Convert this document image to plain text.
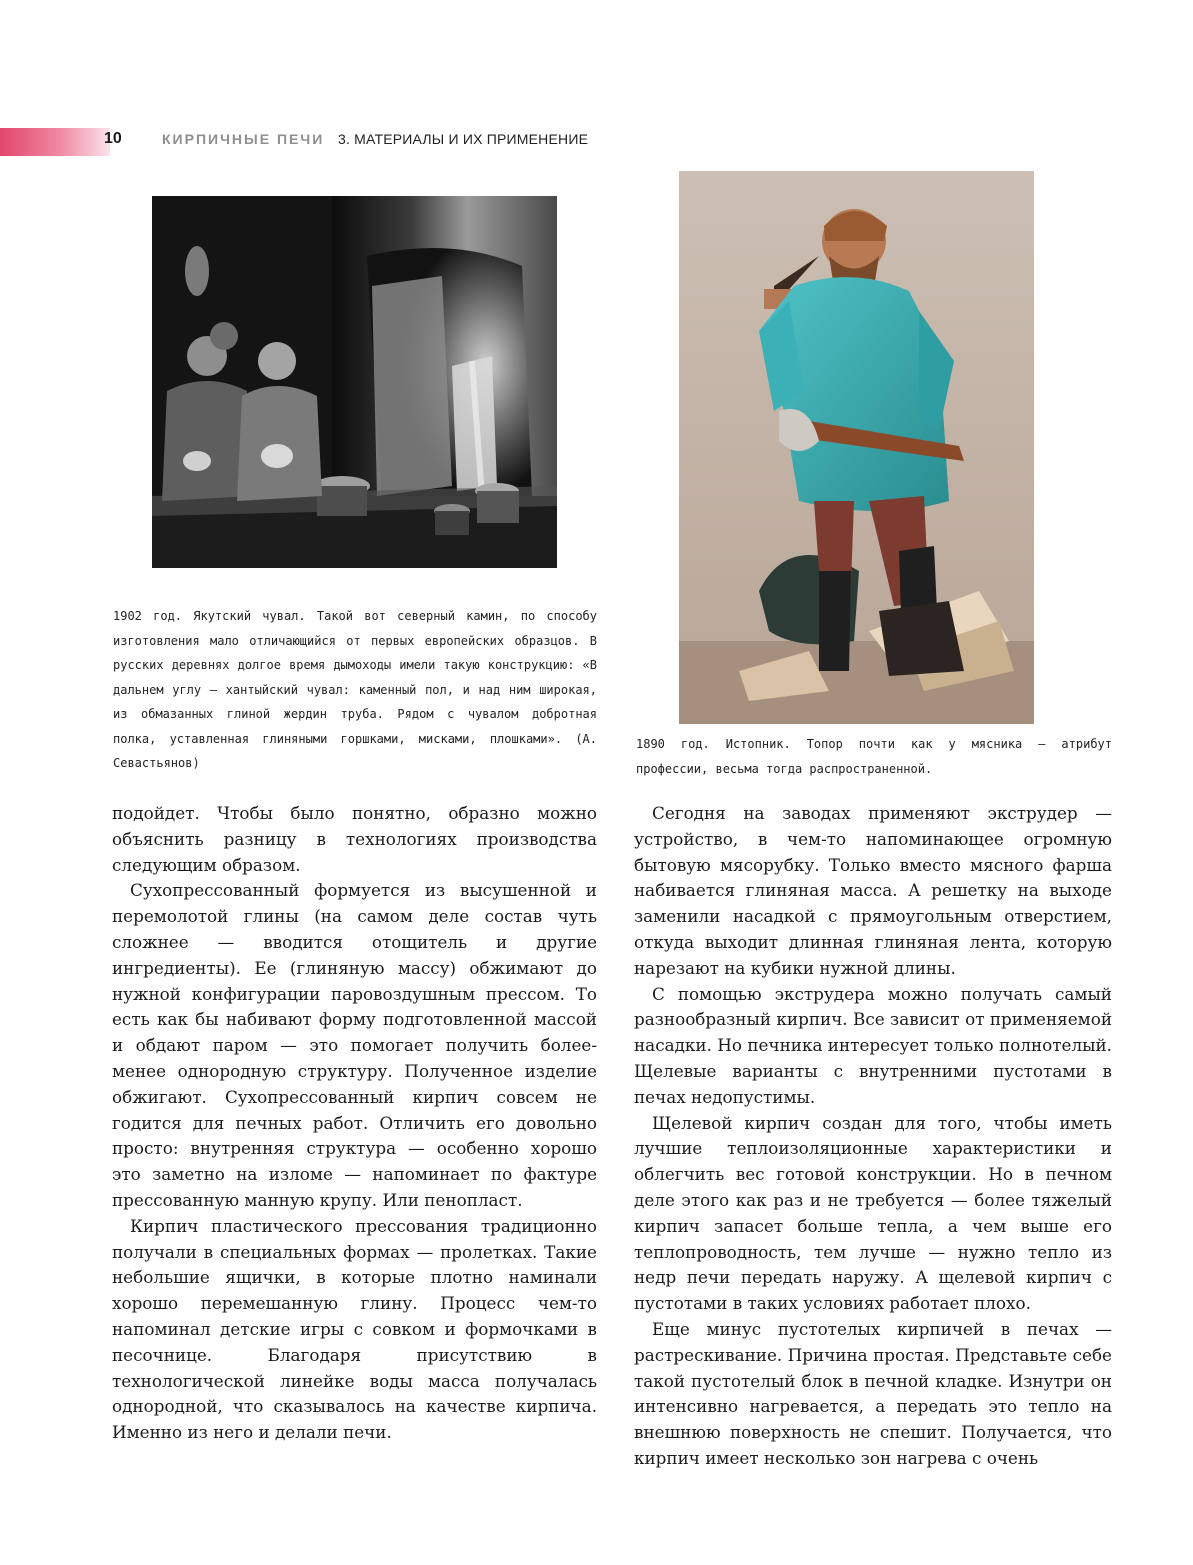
10	КИРПИЧНЫЕ ПЕЧИ 3. МАТЕРИАЛЫ И ИХ ПРИМЕНЕНИЕ
1902 год. Якутский чувал. Такой вот северный камин, по способу изготовления мало отличающийся от первых европейских образцов. В русских деревнях долгое время дымоходы имели такую конструкцию: «В дальнем углу — хантыйский чувал: каменный пол, и над ним широкая, из обмазанных глиной жердин труба. Рядом с чувалом добротная полка, уставленная глиняными горшками, мисками, плошками». (А. Севастьянов)
1890 год. Истопник. Топор почти как у мясника — атрибут профессии, весьма тогда распространенной.

подойдет. Чтобы было понятно, образно можно объяснить разницу в технологиях производства следующим образом.

Сухопрессованный формуется из высушенной и перемолотой глины (на самом деле состав чуть сложнее — вводится отощитель и другие ингредиенты). Ее (глиняную массу) обжимают до нужной конфигурации паровоздушным прессом. То есть как бы набивают форму подготовленной массой и обдают паром — это помогает получить более-менее однородную структуру. Полученное изделие обжигают. Сухопрессованный кирпич совсем не годится для печных работ. Отличить его довольно просто: внутренняя структура — особенно хорошо это заметно на изломе — напоминает по фактуре прессованную манную крупу. Или пенопласт.

Кирпич пластического прессования традиционно получали в специальных формах — пролетках. Такие небольшие ящички, в которые плотно наминали хорошо перемешанную глину. Процесс чем-то напоминал детские игры с совком и формочками в песочнице. Благодаря присутствию в технологической линейке воды масса получалась однородной, что сказывалось на качестве кирпича. Именно из него и делали печи.

Сегодня на заводах применяют экструдер — устройство, в чем-то напоминающее огромную бытовую мясорубку. Только вместо мясного фарша набивается глиняная масса. А решетку на выходе заменили насадкой с прямоугольным отверстием, откуда выходит длинная глиняная лента, которую нарезают на кубики нужной длины.

С помощью экструдера можно получать самый разнообразный кирпич. Все зависит от применяемой насадки. Но печника интересует только полнотелый. Щелевые варианты с внутренними пустотами в печах недопустимы.

Щелевой кирпич создан для того, чтобы иметь лучшие теплоизоляционные характеристики и облегчить вес готовой конструкции. Но в печном деле этого как раз и не требуется — более тяжелый кирпич запасет больше тепла, а чем выше его теплопроводность, тем лучше — нужно тепло из недр печи передать наружу. А щелевой кирпич с пустотами в таких условиях работает плохо.

Еще минус пустотелых кирпичей в печах — растрескивание. Причина простая. Представьте себе такой пустотелый блок в печной кладке. Изнутри он интенсивно нагревается, а передать это тепло на внешнюю поверхность не спешит. Получается, что кирпич имеет несколько зон нагрева с очень
